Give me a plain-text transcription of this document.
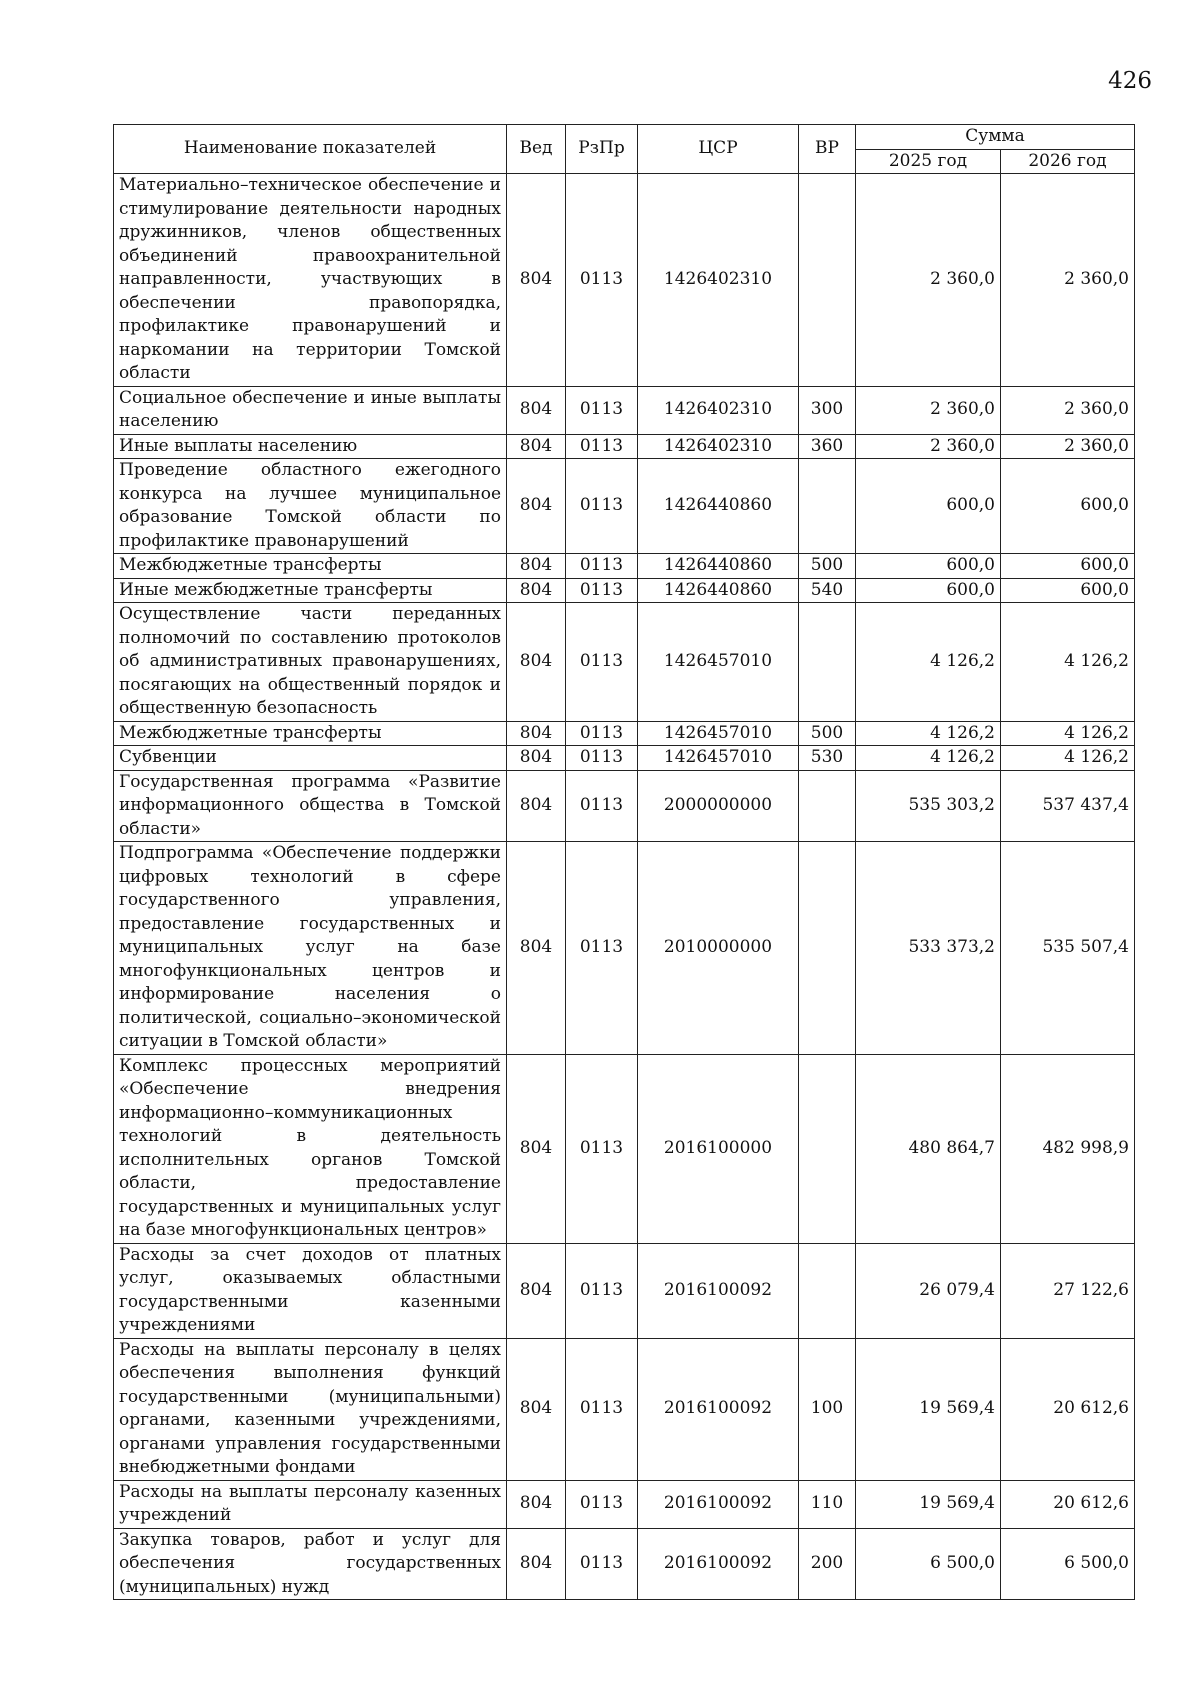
426
Наименование показателей	Вед	РзПр	ЦСР	ВР	Сумма	
					2025 год	2026 год
Материально–техническое обеспечение и стимулирование деятельности народных дружинников, членов общественных объединений правоохранительной направленности, участвующих в обеспечении правопорядка, профилактике правонарушений и наркомании на территории Томской области	804	0113	1426402310		2 360,0	2 360,0
Социальное обеспечение и иные выплаты населению	804	0113	1426402310	300	2 360,0	2 360,0
Иные выплаты населению	804	0113	1426402310	360	2 360,0	2 360,0
Проведение областного ежегодного конкурса на лучшее муниципальное образование Томской области по профилактике правонарушений	804	0113	1426440860		600,0	600,0
Межбюджетные трансферты	804	0113	1426440860	500	600,0	600,0
Иные межбюджетные трансферты	804	0113	1426440860	540	600,0	600,0
Осуществление части переданных полномочий по составлению протоколов об административных правонарушениях, посягающих на общественный порядок и общественную безопасность	804	0113	1426457010		4 126,2	4 126,2
Межбюджетные трансферты	804	0113	1426457010	500	4 126,2	4 126,2
Субвенции	804	0113	1426457010	530	4 126,2	4 126,2
Государственная программа «Развитие информационного общества в Томской области»	804	0113	2000000000		535 303,2	537 437,4
Подпрограмма «Обеспечение поддержки цифровых технологий в сфере государственного управления, предоставление государственных и муниципальных услуг на базе многофункциональных центров и информирование населения о политической, социально–экономической ситуации в Томской области»	804	0113	2010000000		533 373,2	535 507,4
Комплекс процессных мероприятий «Обеспечение внедрения информационно–коммуникационных технологий в деятельность исполнительных органов Томской области, предоставление государственных и муниципальных услуг на базе многофункциональных центров»	804	0113	2016100000		480 864,7	482 998,9
Расходы за счет доходов от платных услуг, оказываемых областными государственными казенными учреждениями	804	0113	2016100092		26 079,4	27 122,6
Расходы на выплаты персоналу в целях обеспечения выполнения функций государственными (муниципальными) органами, казенными учреждениями, органами управления государственными внебюджетными фондами	804	0113	2016100092	100	19 569,4	20 612,6
Расходы на выплаты персоналу казенных учреждений	804	0113	2016100092	110	19 569,4	20 612,6
Закупка товаров, работ и услуг для обеспечения государственных (муниципальных) нужд	804	0113	2016100092	200	6 500,0	6 500,0
